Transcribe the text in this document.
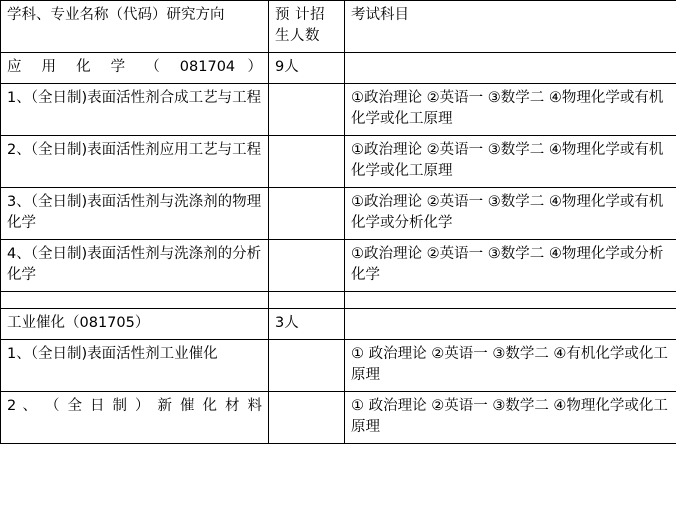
学科、专业名称（代码）研究方向	预 计招生人数	考试科目
应 用 化 学 （ 081704 ）	9人	
1、（全日制)表面活性剂合成工艺与工程		①政治理论 ②英语一 ③数学二 ④物理化学或有机化学或化工原理
2、（全日制)表面活性剂应用工艺与工程		①政治理论 ②英语一 ③数学二 ④物理化学或有机化学或化工原理
3、（全日制)表面活性剂与洗涤剂的物理化学		①政治理论 ②英语一 ③数学二 ④物理化学或有机化学或分析化学
4、（全日制)表面活性剂与洗涤剂的分析化学		①政治理论 ②英语一 ③数学二 ④物理化学或分析化学

工业催化（081705）	3人	
1、（全日制)表面活性剂工业催化		① 政治理论 ②英语一 ③数学二 ④有机化学或化工原理
2 、 （ 全 日 制 ） 新 催 化 材 料		① 政治理论 ②英语一 ③数学二 ④物理化学或化工原理
